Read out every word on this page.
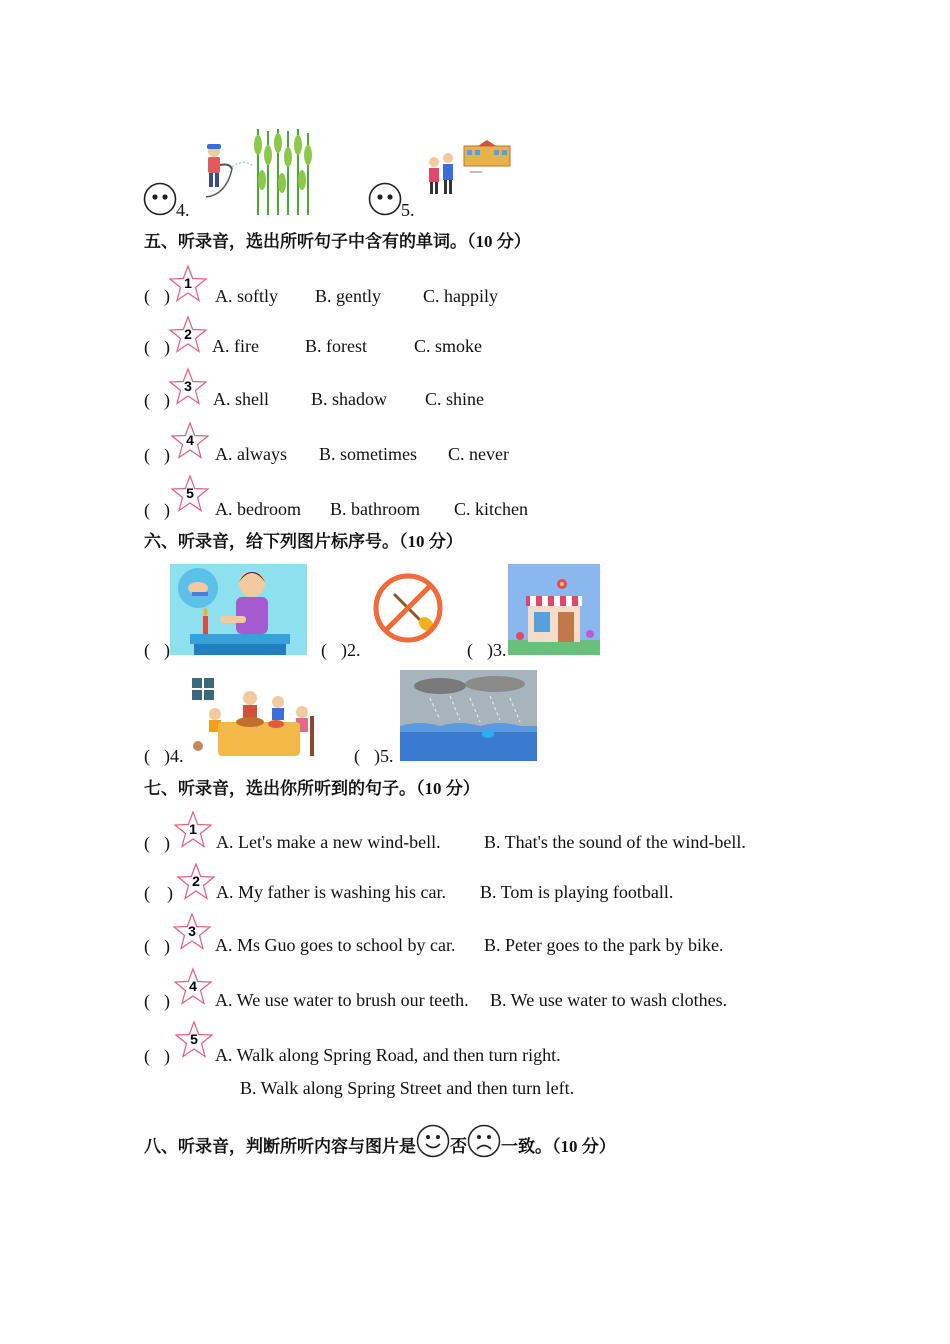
4.	5.
五、听录音，选出所听句子中含有的单词。（10 分）
( )
1
A. softly B. gently C. happily
( )
2
A. fire	B. forest	C. smoke
( )
3
A. shell B. shadow C. shine
( )
4
A. always B. sometimes C. never
( )
5
A. bedroom B. bathroom C. kitchen
六、听录音，给下列图片标序号。（10 分）
( )	( ) 2.	( ) 3.
( ) 4.	( ) 5.
七、听录音，选出你所听到的句子。（10 分）
( )
1
A. Let's make a new wind-bell. B. That's the sound of the wind-bell.
( )
2
A. My father is washing his car. B. Tom is playing football.
( )
3
A. Ms Guo goes to school by car. B. Peter goes to the park by bike.
( )
4
A. We use water to brush our teeth. B. We use water to wash clothes.
( )
5
A. Walk along Spring Road, and then turn right.
B. Walk along Spring Street and then turn left.
八、听录音，判断所听内容与图片是 否 一致。（10 分）
